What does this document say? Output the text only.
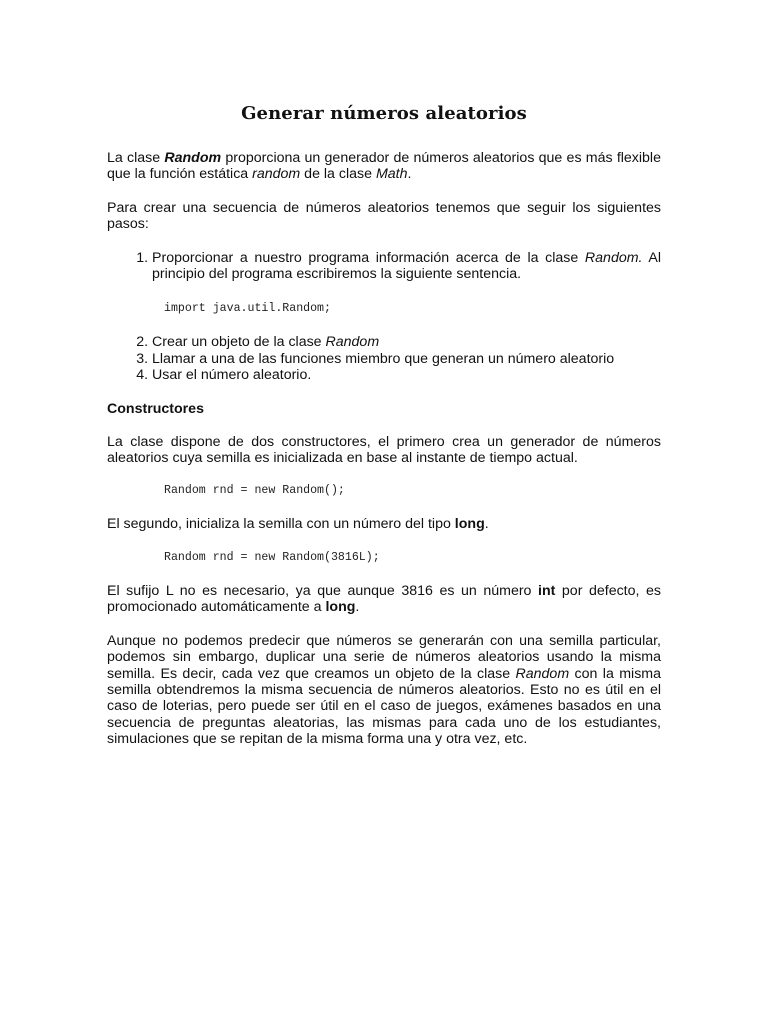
Generar números aleatorios

La clase Random proporciona un generador de números aleatorios que es más flexible que la función estática random de la clase Math.

Para crear una secuencia de números aleatorios tenemos que seguir los siguientes pasos:

1. Proporcionar a nuestro programa información acerca de la clase Random. Al principio del programa escribiremos la siguiente sentencia.
import java.util.Random;
2. Crear un objeto de la clase Random
3. Llamar a una de las funciones miembro que generan un número aleatorio
4. Usar el número aleatorio.
Constructores

La clase dispone de dos constructores, el primero crea un generador de números aleatorios cuya semilla es inicializada en base al instante de tiempo actual.

Random rnd = new Random();

El segundo, inicializa la semilla con un número del tipo long.

Random rnd = new Random(3816L);

El sufijo L no es necesario, ya que aunque 3816 es un número int por defecto, es promocionado automáticamente a long.

Aunque no podemos predecir que números se generarán con una semilla particular, podemos sin embargo, duplicar una serie de números aleatorios usando la misma semilla. Es decir, cada vez que creamos un objeto de la clase Random con la misma semilla obtendremos la misma secuencia de números aleatorios. Esto no es útil en el caso de loterias, pero puede ser útil en el caso de juegos, exámenes basados en una secuencia de preguntas aleatorias, las mismas para cada uno de los estudiantes, simulaciones que se repitan de la misma forma una y otra vez, etc.
